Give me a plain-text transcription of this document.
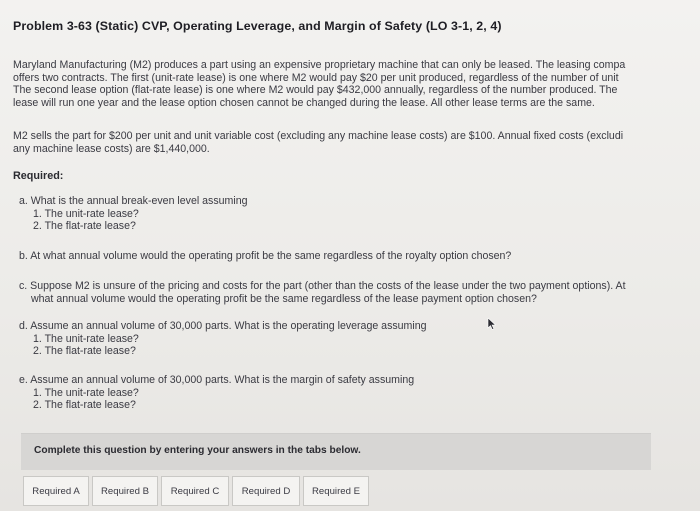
Problem 3-63 (Static) CVP, Operating Leverage, and Margin of Safety (LO 3-1, 2, 4)
Maryland Manufacturing (M2) produces a part using an expensive proprietary machine that can only be leased. The leasing compa
offers two contracts. The first (unit-rate lease) is one where M2 would pay $20 per unit produced, regardless of the number of unit
The second lease option (flat-rate lease) is one where M2 would pay $432,000 annually, regardless of the number produced. The
lease will run one year and the lease option chosen cannot be changed during the lease. All other lease terms are the same.
M2 sells the part for $200 per unit and unit variable cost (excluding any machine lease costs) are $100. Annual fixed costs (excludi
any machine lease costs) are $1,440,000.
Required:
a. What is the annual break-even level assuming
1. The unit-rate lease?
2. The flat-rate lease?
b. At what annual volume would the operating profit be the same regardless of the royalty option chosen?
c. Suppose M2 is unsure of the pricing and costs for the part (other than the costs of the lease under the two payment options). At
what annual volume would the operating profit be the same regardless of the lease payment option chosen?
d. Assume an annual volume of 30,000 parts. What is the operating leverage assuming
1. The unit-rate lease?
2. The flat-rate lease?
e. Assume an annual volume of 30,000 parts. What is the margin of safety assuming
1. The unit-rate lease?
2. The flat-rate lease?
Complete this question by entering your answers in the tabs below.
Required A	Required B	Required C	Required D	Required E
